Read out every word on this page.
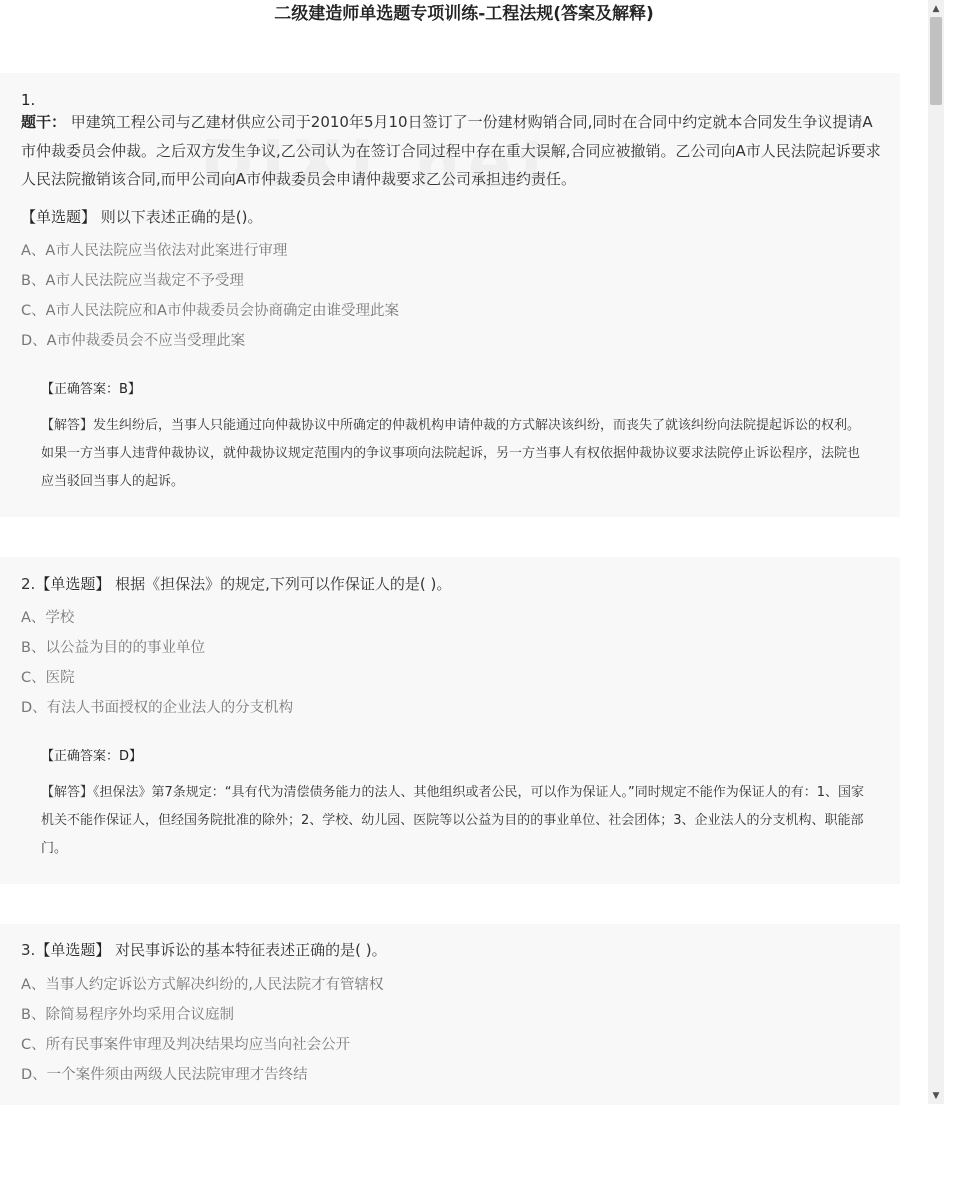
二级建造师单选题专项训练-工程法规(答案及解释)
1.
题干： 甲建筑工程公司与乙建材供应公司于2010年5月10日签订了一份建材购销合同,同时在合同中约定就本合同发生争议提请A市仲裁委员会仲裁。之后双方发生争议,乙公司认为在签订合同过程中存在重大误解,合同应被撤销。乙公司向A市人民法院起诉要求人民法院撤销该合同,而甲公司向A市仲裁委员会申请仲裁要求乙公司承担违约责任。
【单选题】 则以下表述正确的是()。
A、A市人民法院应当依法对此案进行审理
B、A市人民法院应当裁定不予受理
C、A市人民法院应和A市仲裁委员会协商确定由谁受理此案
D、A市仲裁委员会不应当受理此案
【正确答案：B】
【解答】发生纠纷后，当事人只能通过向仲裁协议中所确定的仲裁机构申请仲裁的方式解决该纠纷，而丧失了就该纠纷向法院提起诉讼的权利。如果一方当事人违背仲裁协议，就仲裁协议规定范围内的争议事项向法院起诉，另一方当事人有权依据仲裁协议要求法院停止诉讼程序，法院也应当驳回当事人的起诉。
2.【单选题】 根据《担保法》的规定,下列可以作保证人的是( )。
A、学校
B、以公益为目的的事业单位
C、医院
D、有法人书面授权的企业法人的分支机构
【正确答案：D】
【解答】《担保法》第7条规定：“具有代为清偿债务能力的法人、其他组织或者公民，可以作为保证人。”同时规定不能作为保证人的有：1、国家机关不能作保证人，但经国务院批准的除外；2、学校、幼儿园、医院等以公益为目的的事业单位、社会团体；3、企业法人的分支机构、职能部门。
3.【单选题】 对民事诉讼的基本特征表述正确的是( )。
A、当事人约定诉讼方式解决纠纷的,人民法院才有管辖权
B、除简易程序外均采用合议庭制
C、所有民事案件审理及判决结果均应当向社会公开
D、一个案件须由两级人民法院审理才告终结
▲
▼
